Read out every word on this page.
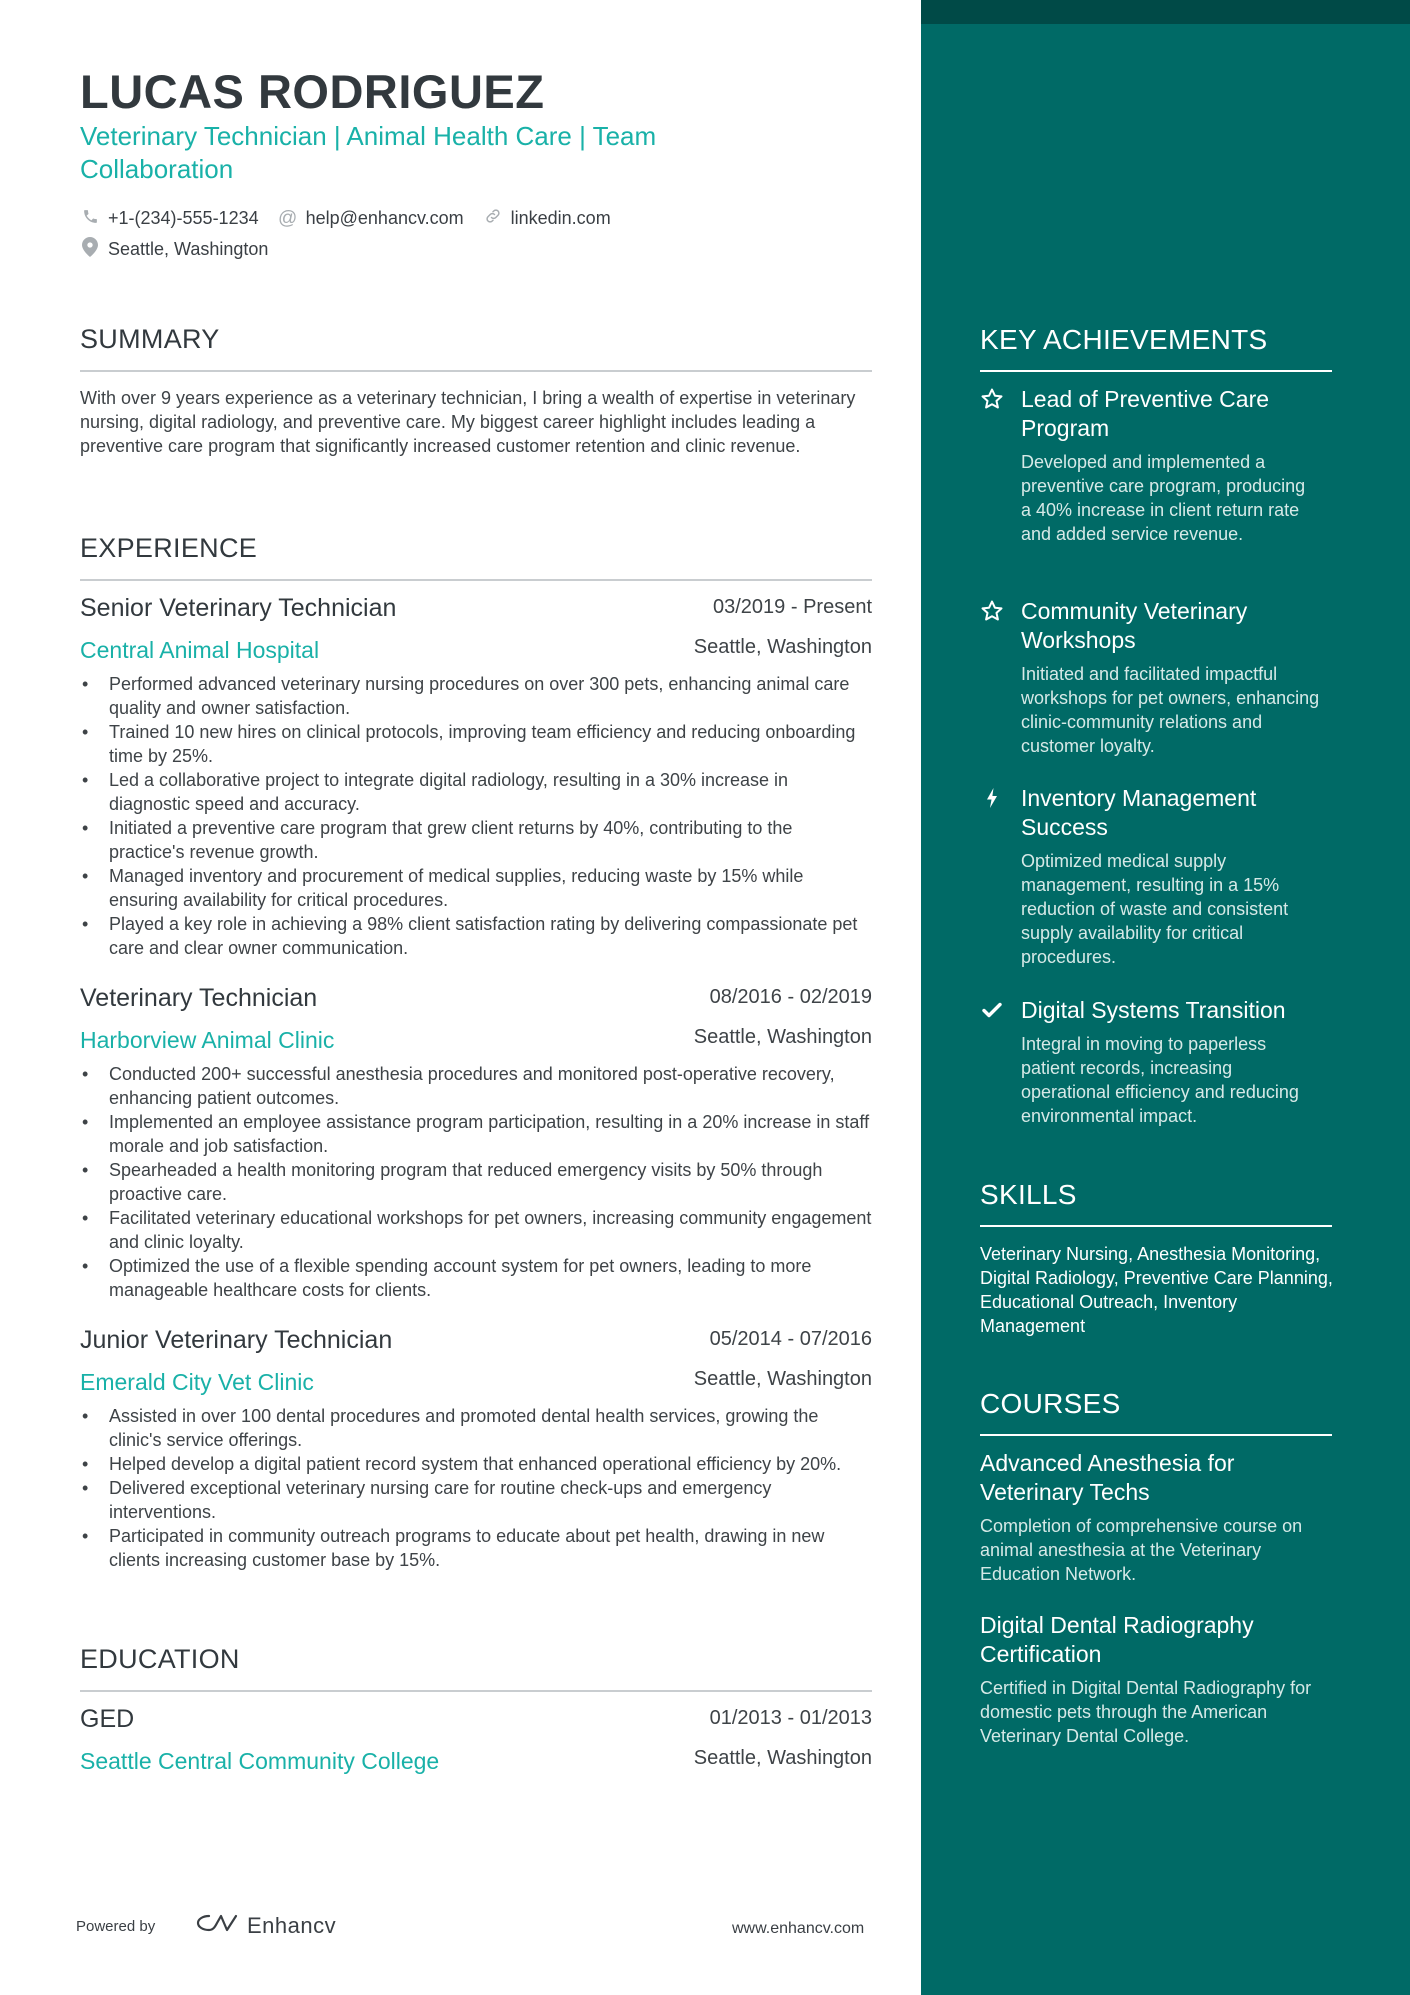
LUCAS RODRIGUEZ
Veterinary Technician | Animal Health Care | Team Collaboration
+1-(234)-555-1234 @ help@enhancv.com	linkedin.com
Seattle, Washington
SUMMARY
With over 9 years experience as a veterinary technician, I bring a wealth of expertise in veterinary nursing, digital radiology, and preventive care. My biggest career highlight includes leading a preventive care program that significantly increased customer retention and clinic revenue.
EXPERIENCE
Senior Veterinary Technician	03/2019 - Present
Central Animal Hospital	Seattle, Washington
• Performed advanced veterinary nursing procedures on over 300 pets, enhancing animal care quality and owner satisfaction.
• Trained 10 new hires on clinical protocols, improving team efficiency and reducing onboarding time by 25%.
• Led a collaborative project to integrate digital radiology, resulting in a 30% increase in diagnostic speed and accuracy.
• Initiated a preventive care program that grew client returns by 40%, contributing to the practice's revenue growth.
• Managed inventory and procurement of medical supplies, reducing waste by 15% while ensuring availability for critical procedures.
• Played a key role in achieving a 98% client satisfaction rating by delivering compassionate pet care and clear owner communication.
Veterinary Technician	08/2016 - 02/2019
Harborview Animal Clinic	Seattle, Washington
• Conducted 200+ successful anesthesia procedures and monitored post-operative recovery, enhancing patient outcomes.
• Implemented an employee assistance program participation, resulting in a 20% increase in staff morale and job satisfaction.
• Spearheaded a health monitoring program that reduced emergency visits by 50% through proactive care.
• Facilitated veterinary educational workshops for pet owners, increasing community engagement and clinic loyalty.
• Optimized the use of a flexible spending account system for pet owners, leading to more manageable healthcare costs for clients.
Junior Veterinary Technician	05/2014 - 07/2016
Emerald City Vet Clinic	Seattle, Washington
• Assisted in over 100 dental procedures and promoted dental health services, growing the clinic's service offerings.
• Helped develop a digital patient record system that enhanced operational efficiency by 20%.
• Delivered exceptional veterinary nursing care for routine check-ups and emergency interventions.
• Participated in community outreach programs to educate about pet health, drawing in new clients increasing customer base by 15%.
EDUCATION
GED	01/2013 - 01/2013
Seattle Central Community College	Seattle, Washington
KEY ACHIEVEMENTS
Lead of Preventive Care Program
Developed and implemented a preventive care program, producing a 40% increase in client return rate and added service revenue.
Community Veterinary Workshops
Initiated and facilitated impactful workshops for pet owners, enhancing clinic-community relations and customer loyalty.
Inventory Management Success
Optimized medical supply management, resulting in a 15% reduction of waste and consistent supply availability for critical procedures.
Digital Systems Transition
Integral in moving to paperless patient records, increasing operational efficiency and reducing environmental impact.
SKILLS
Veterinary Nursing, Anesthesia Monitoring, Digital Radiology, Preventive Care Planning, Educational Outreach, Inventory Management
COURSES
Advanced Anesthesia for Veterinary Techs
Completion of comprehensive course on animal anesthesia at the Veterinary Education Network.
Digital Dental Radiography Certification
Certified in Digital Dental Radiography for domestic pets through the American Veterinary Dental College.
Powered by	Enhancv	www.enhancv.com
